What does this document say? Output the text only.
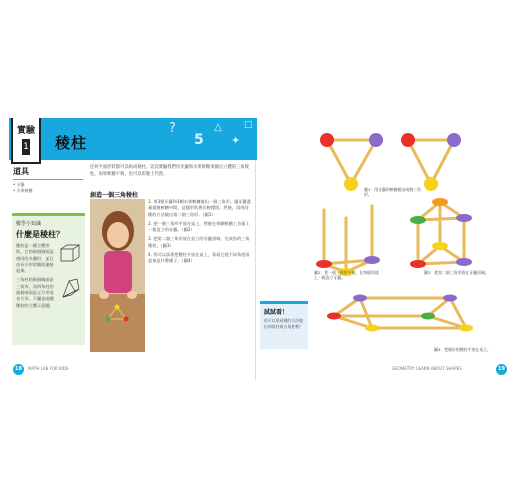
?
5
△
✦
□
實驗
1 稜柱
道具
• 牙籤
• 水果軟糖
數學小知識
什麼是稜柱？
稜柱是一種立體形狀，它的兩個端面是相同的多邊形，並且由長方形的側面連接起來。
三角柱的兩個端面是三角形，而四角柱的兩個端面是正方形或長方形。下圖是兩種稜柱的立體示意圖。
任何平面形狀都可以組成稜柱。這次實驗我們用牙籤和水果軟糖來做出立體的三角稜柱。如果軟糖不夠，也可以用黏土代替。
創造一個三角稜柱

1. 用3根牙籤和3顆水果軟糖做出一個三角形。讓牙籤盡量插進軟糖中間，這樣形狀會比較穩固。然後，再用同樣的方法做出第二個三角形。（圖1）

2. 把一個三角形平放在桌上，然後在每顆軟糖上各插上一根直立的牙籤。（圖2）

3. 把第二個三角形放在直立的牙籤頂端，完成你的三角稜柱。（圖3）

4. 你可以試著把稜柱平放在桌上，看看它從不同角度看起來是什麼樣子。（圖4）

圖1：用牙籤和軟糖做出兩個三角形。
圖2：把一個三角形平放，在每個角插上一根直立牙籤。
圖3：把第二個三角形放在牙籤頂端。
圖4：把做好的稜柱平放在桌上。
試試看！
你可以用同樣的方法做出四角柱或五角柱嗎？
18	MATH LAB FOR KIDS	GEOMETRY: LEARN ABOUT SHAPES	19
